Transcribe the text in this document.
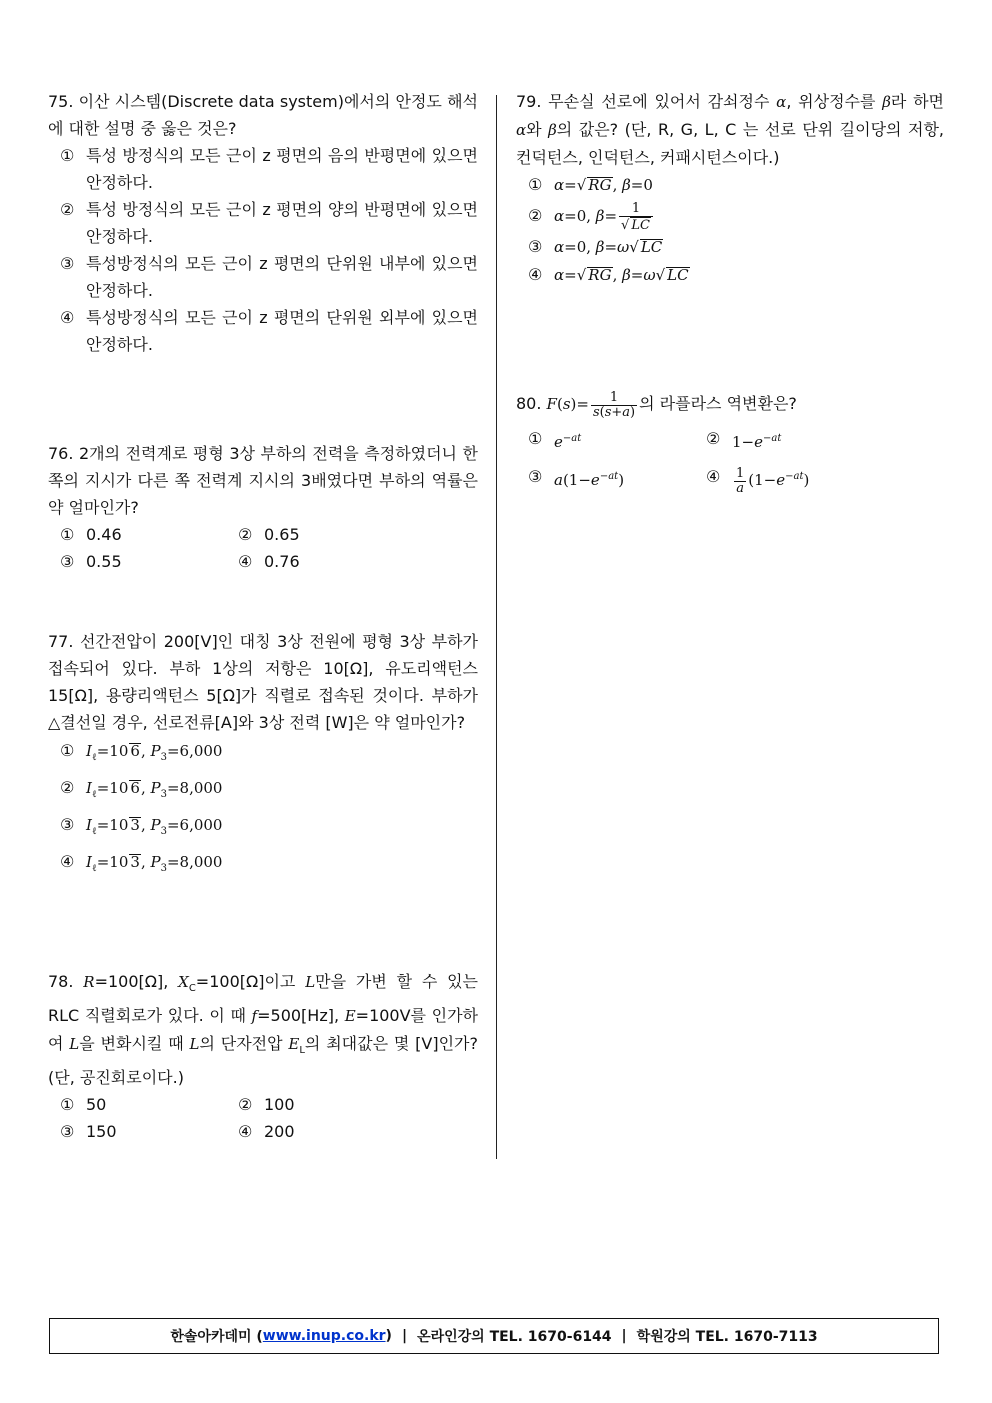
75. 이산 시스템(Discrete data system)에서의 안정도 해석에 대한 설명 중 옳은 것은?

① 특성 방정식의 모든 근이 z 평면의 음의 반평면에 있으면 안정하다.
② 특성 방정식의 모든 근이 z 평면의 양의 반평면에 있으면 안정하다.
③ 특성방정식의 모든 근이 z 평면의 단위원 내부에 있으면 안정하다.
④ 특성방정식의 모든 근이 z 평면의 단위원 외부에 있으면 안정하다.

76. 2개의 전력계로 평형 3상 부하의 전력을 측정하였더니 한쪽의 지시가 다른 쪽 전력계 지시의 3배였다면 부하의 역률은 약 얼마인가?

① 0.46	② 0.65
③ 0.55	④ 0.76

77. 선간전압이 200[V]인 대칭 3상 전원에 평형 3상 부하가 접속되어 있다. 부하 1상의 저항은 10[Ω], 유도리액턴스 15[Ω], 용량리액턴스 5[Ω]가 직렬로 접속된 것이다. 부하가 △결선일 경우, 선로전류[A]와 3상 전력 [W]은 약 얼마인가?

① $I_\ell=10$ 6, $P_3=6,000$
② $I_\ell=10$ 6, $P_3=8,000$
③ $I_\ell=10$ 3, $P_3=6,000$
④ $I_\ell=10$ 3, $P_3=8,000$

78. R=100[Ω], $X_C=100[\Omega]$이고 L만을 가변 할 수 있는 RLC 직렬회로가 있다. 이 때 f=500[Hz], E=100V를 인가하여 L을 변화시킬 때 L의 단자전압 $E_L$의 최대값은 몇 [V]인가?(단, 공진회로이다.)

① 50	② 100
③ 150	④ 200

79. 무손실 선로에 있어서 감쇠정수 α, 위상정수를 β라 하면 α와 β의 값은? (단, R, G, L, C 는 선로 단위 길이당의 저항, 컨덕턴스, 인덕턴스, 커패시턴스이다.)

① α=√ RG, β=0
② α=0, $\beta= \frac{1}{√ LC}$
③ α=0, β=ω√ LC
④ α=√ RG, β=ω√ LC

80. $F(s)= \frac{1}{s(s+a)}$ 의 라플라스 역변환은?

① $e^{-at}$	② $1-e^{-at}$
③ $a(1-e^{-at})$	④	$\frac{1}{a} (1-e^{-at})$
한솔아카데미 ( www.inup.co.kr ) | 온라인강의 TEL. 1670-6144 | 학원강의 TEL. 1670-7113
